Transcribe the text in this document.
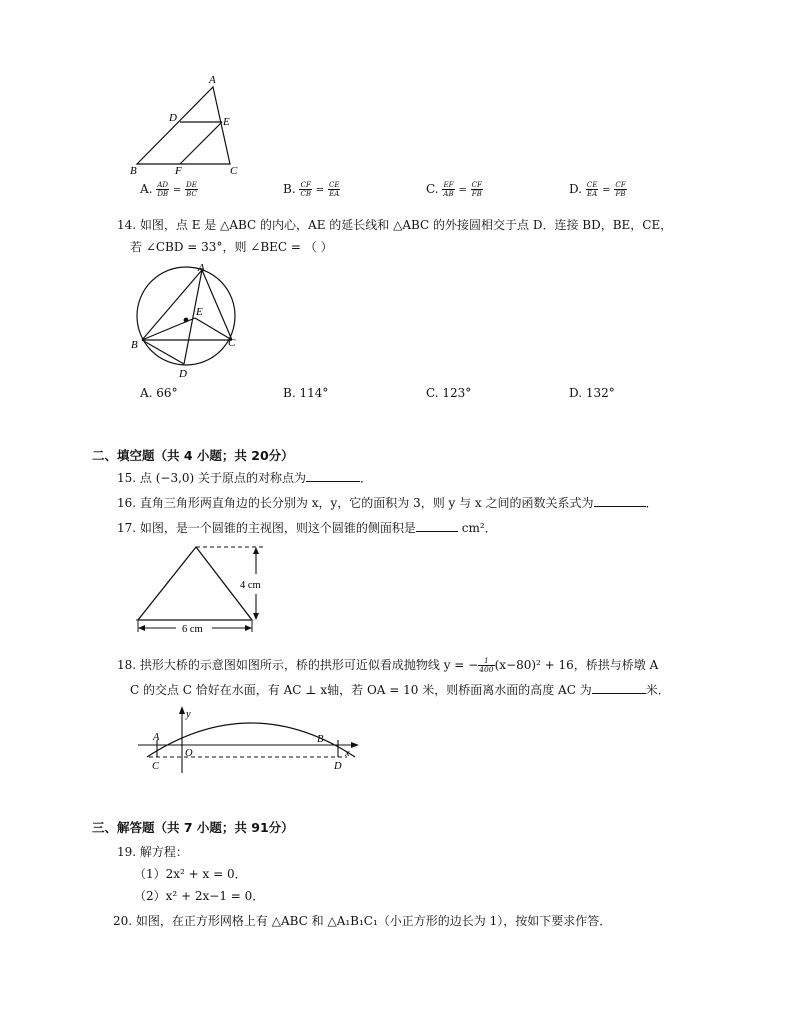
A
D	E
B	F	C
A. $\frac{AD}{DB} = \frac{DE}{BC}$	B. $\frac{CF}{CB} = \frac{CE}{EA}$	C. $\frac{EF}{AB} = \frac{CF}{FB}$	D. $\frac{CE}{EA} = \frac{CF}{FB}$
14. 如图，点 E 是 △ABC 的内心，AE 的延长线和 △ABC 的外接圆相交于点 D．连接 BD，BE，CE，
若 ∠CBD = 33°，则 ∠BEC = （ ）
A
E
B	C
D
A. 66°	B. 114°	C. 123°	D. 132°
二、填空题（共 4 小题；共 20分）
15. 点 (−3,0) 关于原点的对称点为	．
16. 直角三角形两直角边的长分别为 x，y，它的面积为 3，则 y 与 x 之间的函数关系式为	．
17. 如图，是一个圆锥的主视图，则这个圆锥的侧面积是	cm²．
4 cm
6 cm
18. 拱形大桥的示意图如图所示，桥的拱形可近似看成抛物线 y = − $\frac{1}{400} (x-80)^2 + 16$，桥拱与桥墩 A
C 的交点 C 恰好在水面，有 AC ⊥ x轴，若 OA = 10 米，则桥面离水面的高度 AC 为	米．
y
A
O
B
x
C	D
三、解答题（共 7 小题；共 91分）
19. 解方程：
（1）2x² + x = 0．
（2）x² + 2x−1 = 0．
20. 如图，在正方形网格上有 △ABC 和 △A₁B₁C₁（小正方形的边长为 1），按如下要求作答．
